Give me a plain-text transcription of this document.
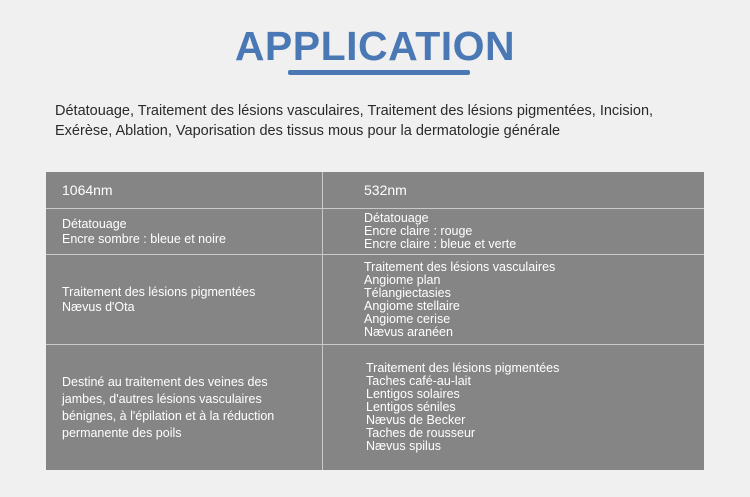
APPLICATION
Détatouage, Traitement des lésions vasculaires, Traitement des lésions pigmentées, Incision,
Exérèse, Ablation, Vaporisation des tissus mous pour la dermatologie générale
1064nm	532nm
Détatouage
Encre sombre : bleue et noire
Détatouage
Encre claire : rouge
Encre claire : bleue et verte
Traitement des lésions pigmentées
Nævus d'Ota
Traitement des lésions vasculaires
Angiome plan
Télangiectasies
Angiome stellaire
Angiome cerise
Nævus aranéen
Destiné au traitement des veines des
jambes, d'autres lésions vasculaires
bénignes, à l'épilation et à la réduction
permanente des poils
Traitement des lésions pigmentées
Taches café-au-lait
Lentigos solaires
Lentigos séniles
Nævus de Becker
Taches de rousseur
Nævus spilus
